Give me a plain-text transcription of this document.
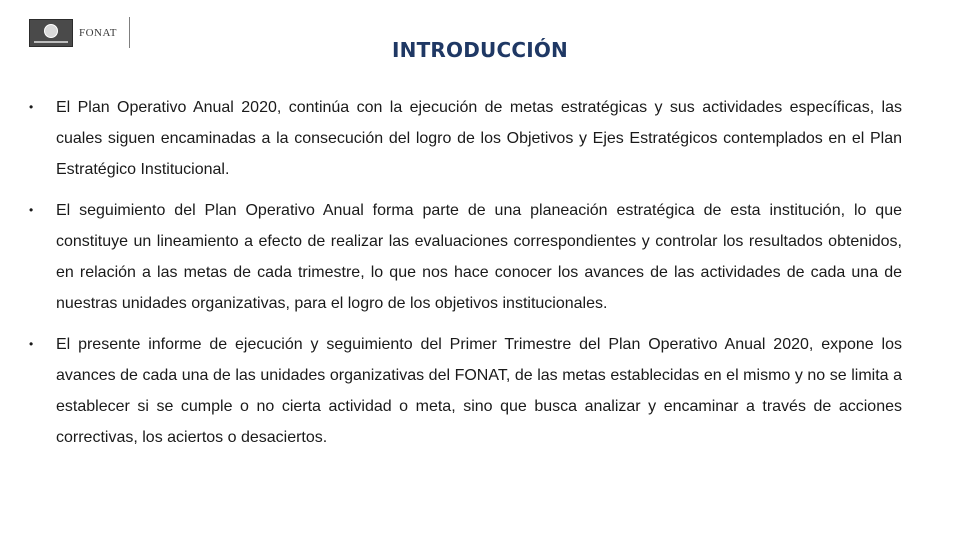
FONAT
INTRODUCCIÓN
•	El Plan Operativo Anual 2020, continúa con la ejecución de metas estratégicas y sus actividades específicas, las cuales siguen encaminadas a la consecución del logro de los Objetivos y Ejes Estratégicos contemplados en el Plan Estratégico Institucional.
•	El seguimiento del Plan Operativo Anual forma parte de una planeación estratégica de esta institución, lo que constituye un lineamiento a efecto de realizar las evaluaciones correspondientes y controlar los resultados obtenidos, en relación a las metas de cada trimestre, lo que nos hace conocer los avances de las actividades de cada una de nuestras unidades organizativas, para el logro de los objetivos institucionales.
•	El presente informe de ejecución y seguimiento del Primer Trimestre del Plan Operativo Anual 2020, expone los avances de cada una de las unidades organizativas del FONAT, de las metas establecidas en el mismo y no se limita a establecer si se cumple o no cierta actividad o meta, sino que busca analizar y encaminar a través de acciones correctivas, los aciertos o desaciertos.
